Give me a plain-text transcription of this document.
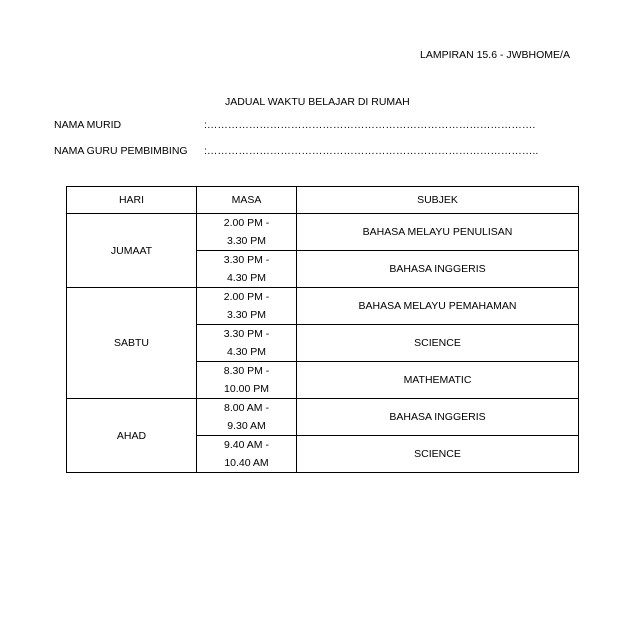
LAMPIRAN 15.6 - JWBHOME/A
JADUAL WAKTU BELAJAR DI RUMAH
NAMA MURID	:………………………………………………………………………………….
NAMA GURU PEMBIMBING :…………………………………………………………………………………..
HARI	MASA	SUBJEK
JUMAAT	2.00 PM -
3.30 PM	BAHASA MELAYU PENULISAN
	3.30 PM -
4.30 PM	BAHASA INGGERIS
SABTU	2.00 PM -
3.30 PM	BAHASA MELAYU PEMAHAMAN
	3.30 PM -
4.30 PM	SCIENCE
	8.30 PM -
10.00 PM	MATHEMATIC
AHAD	8.00 AM -
9.30 AM	BAHASA INGGERIS
	9.40 AM -
10.40 AM	SCIENCE
